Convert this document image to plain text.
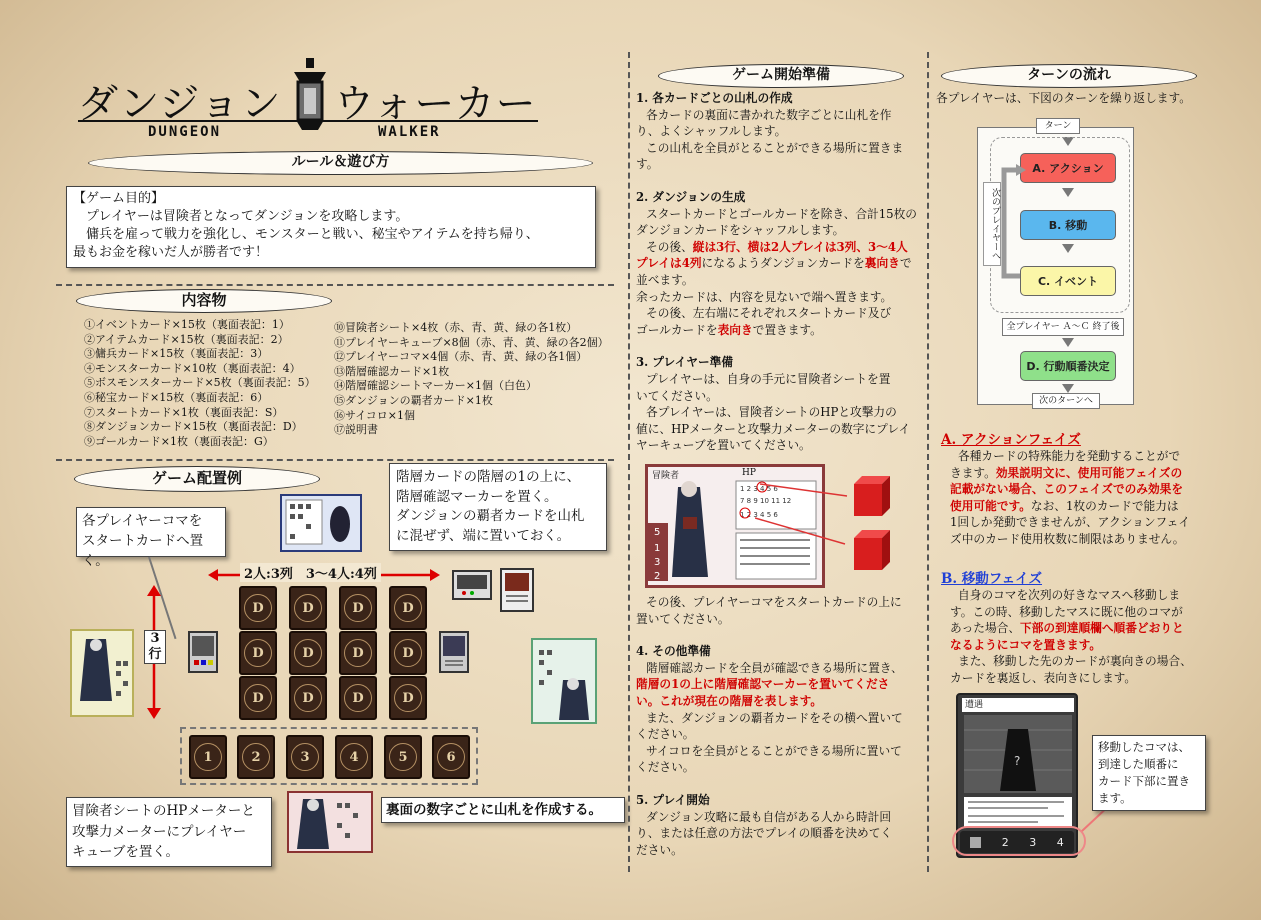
ダンジョン ウォーカー
DUNGEON	WALKER
ルール＆遊び方
【ゲーム目的】
プレイヤーは冒険者となってダンジョンを攻略します。
傭兵を雇って戦力を強化し、モンスターと戦い、秘宝やアイテムを持ち帰り、
最もお金を稼いだ人が勝者です！
内容物
①イベントカード×15枚（裏面表記：1）
②アイテムカード×15枚（裏面表記：2）
③傭兵カード×15枚（裏面表記：3）
④モンスターカード×10枚（裏面表記：4）
⑤ボスモンスターカード×5枚（裏面表記：5）
⑥秘宝カード×15枚（裏面表記：6）
⑦スタートカード×1枚（裏面表記：S）
⑧ダンジョンカード×15枚（裏面表記：D）
⑨ゴールカード×1枚（裏面表記：G）
⑩冒険者シート×4枚（赤、青、黄、緑の各1枚）
⑪プレイヤーキューブ×8個（赤、青、黄、緑の各2個）
⑫プレイヤーコマ×4個（赤、青、黄、緑の各1個）
⑬階層確認カード×1枚
⑭階層確認シートマーカー×1個（白色）
⑮ダンジョンの覇者カード×1枚
⑯サイコロ×1個
⑰説明書
ゲーム配置例
各プレイヤーコマを
スタートカードへ置く。
階層カードの階層の1の上に、
階層確認マーカーを置く。
ダンジョンの覇者カードを山札
に混ぜず、端に置いておく。
2人:3列　3～4人:4列
3
行
D	D	D	D
D	D	D	D
D	D	D	D
1	2	3	4	5	6
冒険者シートのHPメーターと
攻撃力メーターにプレイヤー
キューブを置く。
裏面の数字ごとに山札を作成する。
ゲーム開始準備
1. 各カードごとの山札の作成
各カードの裏面に書かれた数字ごとに山札を作
り、よくシャッフルします。
この山札を全員がとることができる場所に置きま
す。
2. ダンジョンの生成
スタートカードとゴールカードを除き、合計15枚の
ダンジョンカードをシャッフルします。
その後、縦は3行、横は2人プレイは3列、3～4人
プレイは4列になるようダンジョンカードを裏向きで
並べます。
余ったカードは、内容を見ないで端へ置きます。
その後、左右端にそれぞれスタートカード及び
ゴールカードを表向きで置きます。
3. プレイヤー準備
プレイヤーは、自身の手元に冒険者シートを置
いてください。
各プレイヤーは、冒険者シートのHPと攻撃力の
値に、HPメーターと攻撃力メーターの数字にプレイ
ヤーキューブを置いてください。
冒険者	HP
1 2 3 4 5 6
7 8 9 10 11 12
1 2 3 4 5 6
5
1
3
2
その後、プレイヤーコマをスタートカードの上に
置いてください。
4. その他準備
階層確認カードを全員が確認できる場所に置き、
階層の1の上に階層確認マーカーを置いてくださ
い。これが現在の階層を表します。
また、ダンジョンの覇者カードをその横へ置いて
ください。
サイコロを全員がとることができる場所に置いて
ください。
5. プレイ開始
ダンジョン攻略に最も自信がある人から時計回
り、または任意の方法でプレイの順番を決めてく
ださい。
ターンの流れ
各プレイヤーは、下図のターンを繰り返します。
ターン
A. アクション
B. 移動
C. イベント
次のプレイヤーへ
全プレイヤー Ａ～Ｃ 終了後
D. 行動順番決定
次のターンへ
A. アクションフェイズ
各種カードの特殊能力を発動することがで
きます。効果説明文に、使用可能フェイズの
記載がない場合、このフェイズでのみ効果を
使用可能です。なお、1枚のカードで能力は
1回しか発動できませんが、アクションフェイ
ズ中のカード使用枚数に制限はありません。
B. 移動フェイズ
自身のコマを次列の好きなマスへ移動しま
す。この時、移動したマスに既に他のコマが
あった場合、下部の到達順欄へ順番どおりと
なるようにコマを置きます。
また、移動した先のカードが裏向きの場合、
カードを裏返し、表向きにします。
遭遇
?
2 3 4
移動したコマは、
到達した順番に
カード下部に置き
ます。
